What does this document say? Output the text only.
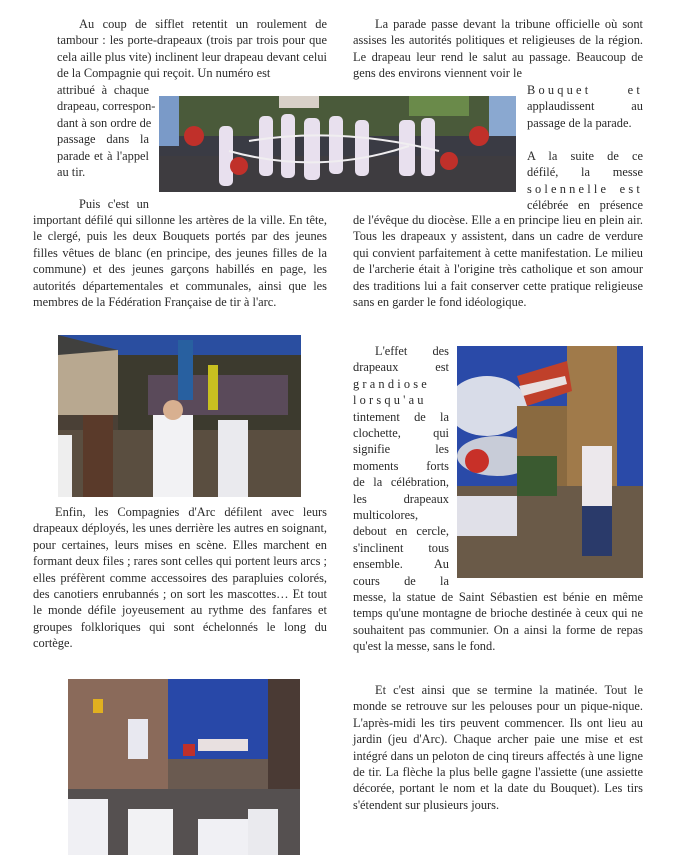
Au coup de sifflet retentit un roulement de tambour : les porte-drapeaux (trois par trois pour que cela aille plus vite) inclinent leur drapeau devant celui de la Compagnie qui reçoit. Un numéro est

attribué à chaque
drapeau, correspon-
dant à son ordre de
passage dans la
parade et à l'appel
au tir.
Puis c'est un

important défilé qui sillonne les artères de la ville. En tête, le clergé, puis les deux Bouquets portés par des jeunes filles vêtues de blanc (en principe, des jeunes filles de la commune) et des jeunes garçons habillés en page, les autorités départementales et communales, ainsi que les membres de la Fédération Française de tir à l'arc.

Enfin, les Compagnies d'Arc défilent avec leurs drapeaux déployés, les unes derrière les autres en soignant, pour certaines, leurs mises en scène. Elles marchent en formant deux files ; rares sont celles qui portent leurs arcs ; elles préfèrent comme accessoires des parapluies colorés, des canotiers enrubannés ; on sort les mascottes… Et tout le monde défile joyeusement au rythme des fanfares et groupes folkloriques qui sont échelonnés le long du cortège.

La parade passe devant la tribune officielle où sont assises les autorités politiques et religieuses de la région. Le drapeau leur rend le salut au passage. Beaucoup de gens des environs viennent voir le

Bouquet et
applaudissent au
passage de la parade.
A la suite de ce
défilé, la messe
solennelle est
célébrée en présence

de l'évêque du diocèse. Elle a en principe lieu en plein air. Tous les drapeaux y assistent, dans un cadre de verdure qui convient parfaitement à cette manifestation. Le milieu de l'archerie était à l'origine très catholique et son amour des traditions lui a fait conserver cette pratique religieuse sans en garder le fond idéologique.

L'effet des
drapeaux est
grandiose
lorsqu'au
tintement de la
clochette, qui
signifie les
moments forts
de la célébration,
les drapeaux
multicolores,
debout en cercle,
s'inclinent tous
ensemble. Au
cours de la

messe, la statue de Saint Sébastien est bénie en même temps qu'une montagne de brioche destinée à ceux qui ne souhaitent pas communier. On a ainsi la forme de repas qu'est la messe, sans le fond.

Et c'est ainsi que se termine la matinée. Tout le monde se retrouve sur les pelouses pour un pique-nique. L'après-midi les tirs peuvent commencer. Ils ont lieu au jardin (jeu d'Arc). Chaque archer paie une mise et est intégré dans un peloton de cinq tireurs affectés à une ligne de tir. La flèche la plus belle gagne l'assiette (une assiette décorée, portant le nom et la date du Bouquet). Les tirs s'étendent sur plusieurs jours.
